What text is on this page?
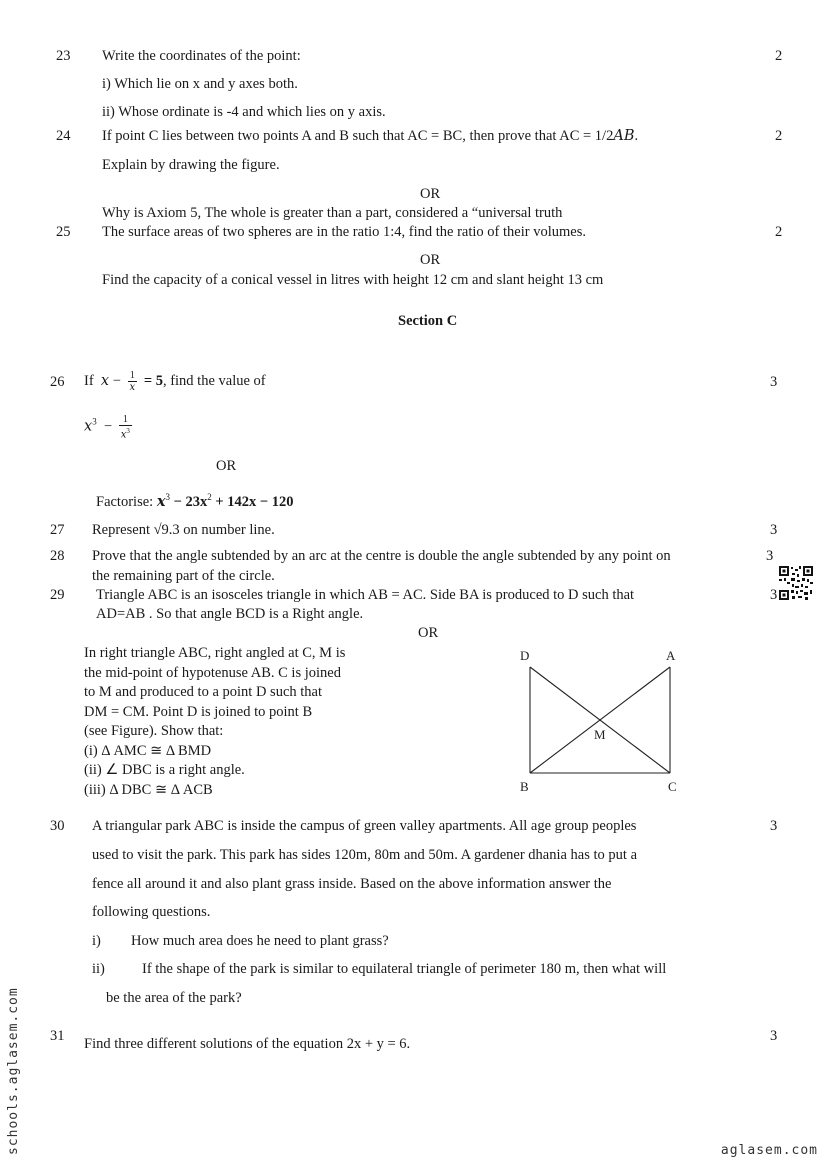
23 Write the coordinates of the point:	2
i) Which lie on x and y axes both.
ii) Whose ordinate is -4 and which lies on y axis.
24 If point C lies between two points A and B such that AC = BC, then prove that AC = 1/2AB.	2
Explain by drawing the figure.
OR
Why is Axiom 5, The whole is greater than a part, considered a “universal truth
25 The surface areas of two spheres are in the ratio 1:4, find the ratio of their volumes.	2
OR
Find the capacity of a conical vessel in litres with height 12 cm and slant height 13 cm
Section C
26 If $x - \frac{1}{x} = 5$, find the value of	3
$x^3 - \frac{1}{x^3}$
OR
Factorise: $x^3 - 23x^2 + 142x - 120$
27 Represent √9.3 on number line.	3
28 Prove that the angle subtended by an arc at the centre is double the angle subtended by any point on	3
the remaining part of the circle.
29 Triangle ABC is an isosceles triangle in which AB = AC. Side BA is produced to D such that	3
AD=AB . So that angle BCD is a Right angle.
OR
In right triangle ABC, right angled at C, M is
the mid-point of hypotenuse AB. C is joined
to M and produced to a point D such that
DM = CM. Point D is joined to point B
(see Figure). Show that:
(i) Δ AMC ≅ Δ BMD
(ii) ∠ DBC is a right angle.
(iii) Δ DBC ≅ Δ ACB
D	A
M
B	C
30	3
A triangular park ABC is inside the campus of green valley apartments. All age group peoples
used to visit the park. This park has sides 120m, 80m and 50m. A gardener dhania has to put a
fence all around it and also plant grass inside. Based on the above information answer the
following questions.
i) How much area does he need to plant grass?
ii)	If the shape of the park is similar to equilateral triangle of perimeter 180 m, then what will
be the area of the park?
31 Find three different solutions of the equation 2x + y = 6.	3
schools.aglasem.com	aglasem.com
